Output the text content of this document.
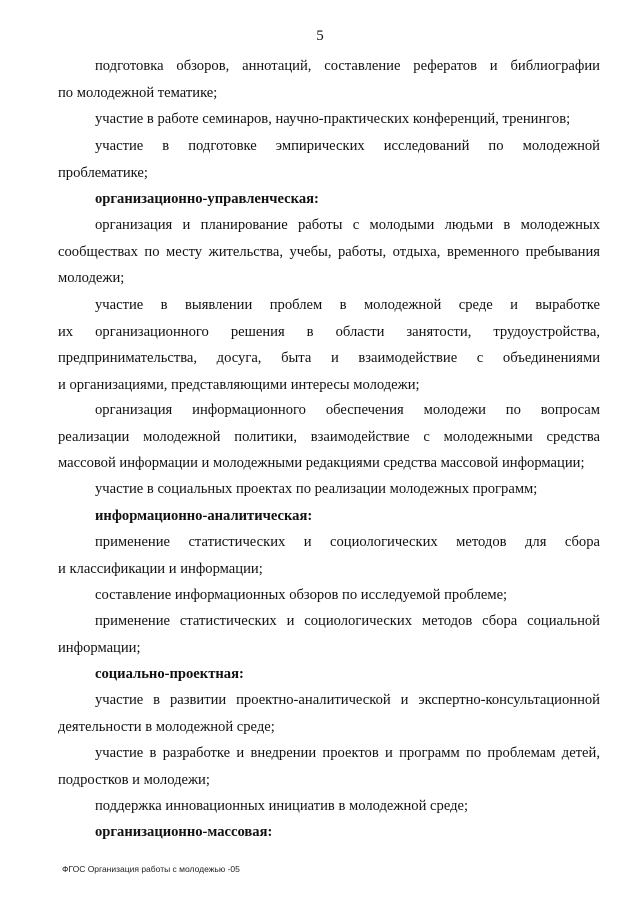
5
подготовка обзоров, аннотаций, составление рефератов и библиографии
по молодежной тематике;
участие в работе семинаров, научно-практических конференций, тренингов;
участие в подготовке эмпирических исследований по молодежной
проблематике;
организационно-управленческая:
организация и планирование работы с молодыми людьми в молодежных
сообществах по месту жительства, учебы, работы, отдыха, временного пребывания
молодежи;
участие в выявлении проблем в молодежной среде и выработке
их организационного решения в области занятости, трудоустройства,
предпринимательства, досуга, быта и взаимодействие с объединениями
и организациями, представляющими интересы молодежи;
организация информационного обеспечения молодежи по вопросам
реализации молодежной политики, взаимодействие с молодежными средства
массовой информации и молодежными редакциями средства массовой информации;
участие в социальных проектах по реализации молодежных программ;
информационно-аналитическая:
применение статистических и социологических методов для сбора
и классификации и информации;
составление информационных обзоров по исследуемой проблеме;
применение статистических и социологических методов сбора социальной
информации;
социально-проектная:
участие в развитии проектно-аналитической и экспертно-консультационной
деятельности в молодежной среде;
участие в разработке и внедрении проектов и программ по проблемам детей,
подростков и молодежи;
поддержка инновационных инициатив в молодежной среде;
организационно-массовая:
ФГОС Организация работы с молодежью -05
